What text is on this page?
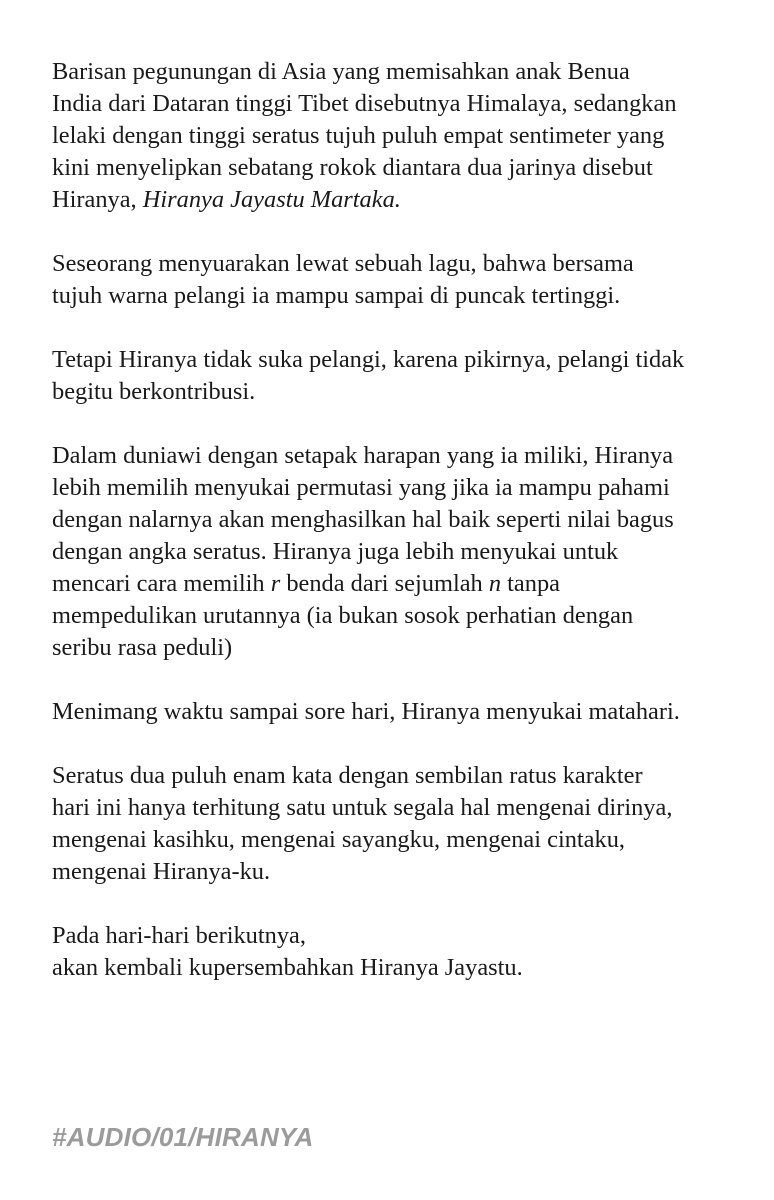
Barisan pegunungan di Asia yang memisahkan anak Benua
India dari Dataran tinggi Tibet disebutnya Himalaya, sedangkan
lelaki dengan tinggi seratus tujuh puluh empat sentimeter yang
kini menyelipkan sebatang rokok diantara dua jarinya disebut
Hiranya, Hiranya Jayastu Martaka.

Seseorang menyuarakan lewat sebuah lagu, bahwa bersama
tujuh warna pelangi ia mampu sampai di puncak tertinggi.

Tetapi Hiranya tidak suka pelangi, karena pikirnya, pelangi tidak
begitu berkontribusi.

Dalam duniawi dengan setapak harapan yang ia miliki, Hiranya
lebih memilih menyukai permutasi yang jika ia mampu pahami
dengan nalarnya akan menghasilkan hal baik seperti nilai bagus
dengan angka seratus. Hiranya juga lebih menyukai untuk
mencari cara memilih r benda dari sejumlah n tanpa
mempedulikan urutannya (ia bukan sosok perhatian dengan
seribu rasa peduli)

Menimang waktu sampai sore hari, Hiranya menyukai matahari.

Seratus dua puluh enam kata dengan sembilan ratus karakter
hari ini hanya terhitung satu untuk segala hal mengenai dirinya,
mengenai kasihku, mengenai sayangku, mengenai cintaku,
mengenai Hiranya-ku.

Pada hari-hari berikutnya,
akan kembali kupersembahkan Hiranya Jayastu.

#AUDIO/01/HIRANYA
